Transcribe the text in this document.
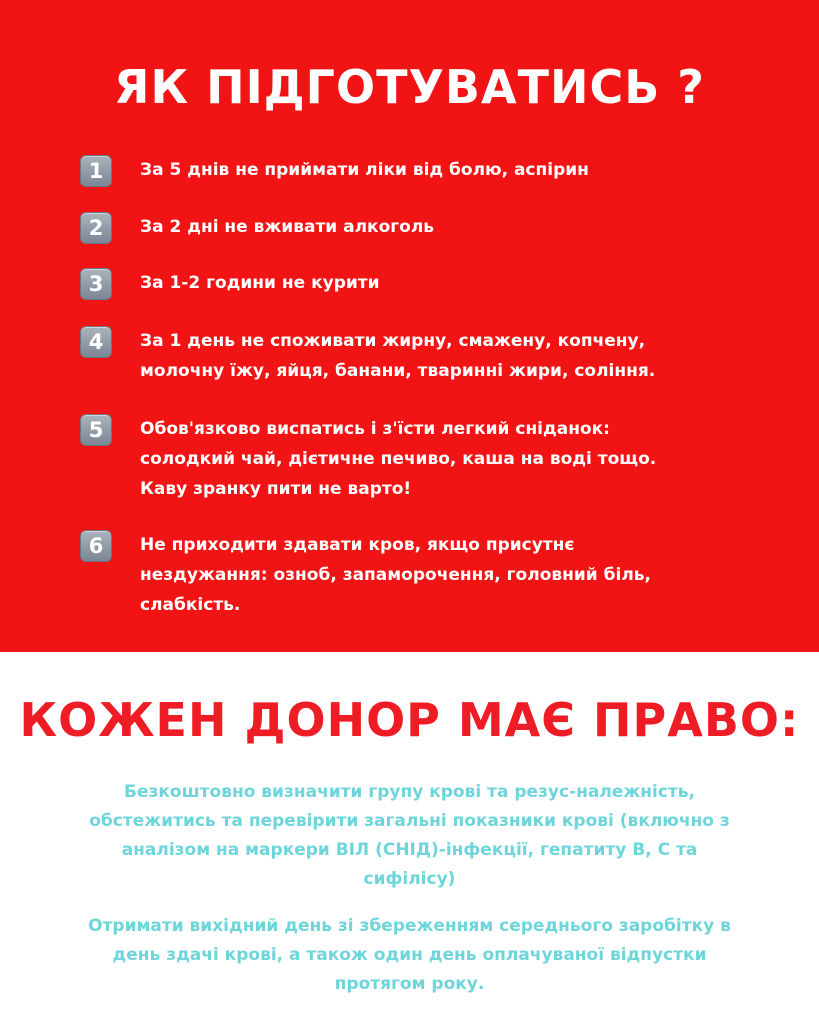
ЯК ПІДГОТУВАТИСЬ ?
1	За 5 днів не приймати ліки від болю, аспірин
2	За 2 дні не вживати алкоголь
3	За 1-2 години не курити
4	За 1 день не споживати жирну, смажену, копчену,
молочну їжу, яйця, банани, тваринні жири, соління.
5	Обов'язково виспатись і з'їсти легкий сніданок:
солодкий чай, дієтичне печиво, каша на воді тощо.
Каву зранку пити не варто!
6	Не приходити здавати кров, якщо присутнє
нездужання: озноб, запаморочення, головний біль,
слабкість.
КОЖЕН ДОНОР МАЄ ПРАВО:
Безкоштовно визначити групу крові та резус-належність,
обстежитись та перевірити загальні показники крові (включно з
аналізом на маркери ВІЛ (СНІД)-інфекції, гепатиту В, С та
сифілісу)
Отримати вихідний день зі збереженням середнього заробітку в
день здачі крові, а також один день оплачуваної відпустки
протягом року.
